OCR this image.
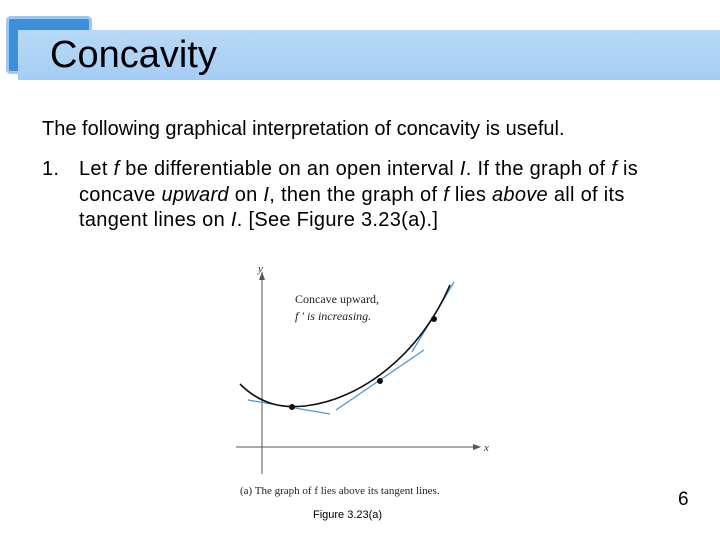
Concavity
The following graphical interpretation of concavity is useful.
1. Let f be differentiable on an open interval I. If the graph of f is concave upward on I, then the graph of f lies above all of its tangent lines on I. [See Figure 3.23(a).]
y
x
Concave upward,
f ′ is increasing.
(a) The graph of f lies above its tangent lines.
Figure 3.23(a)
6
